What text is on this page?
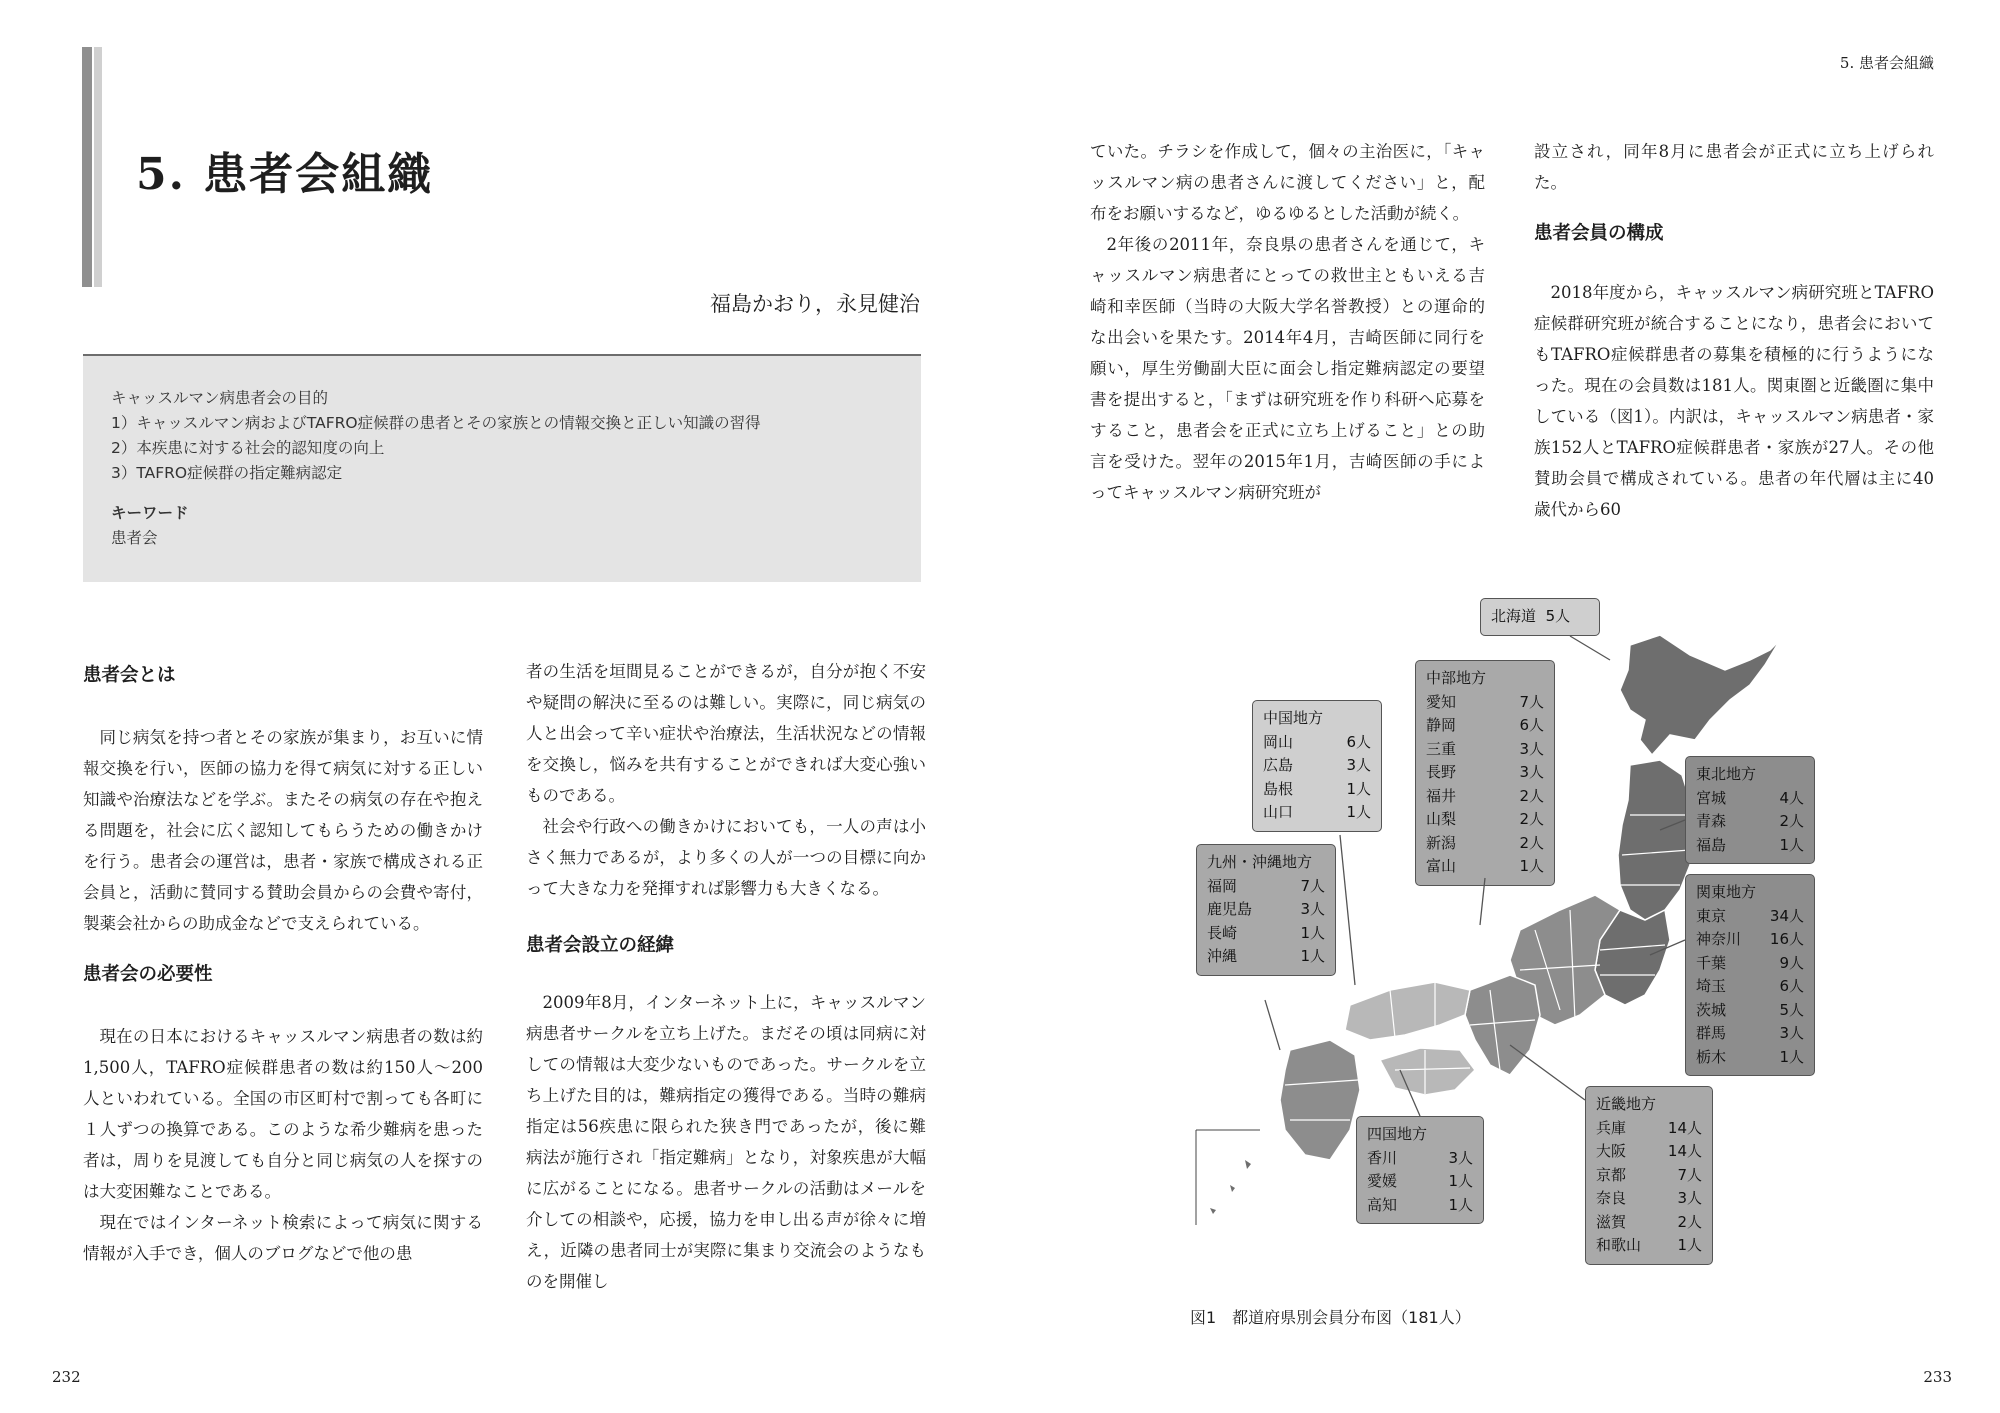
5. 患者会組織
福島かおり，永見健治
キャッスルマン病患者会の目的
1）キャッスルマン病およびTAFRO症候群の患者とその家族との情報交換と正しい知識の習得
2）本疾患に対する社会的認知度の向上
3）TAFRO症候群の指定難病認定
キーワード
患者会
患者会とは

同じ病気を持つ者とその家族が集まり，お互いに情報交換を行い，医師の協力を得て病気に対する正しい知識や治療法などを学ぶ。またその病気の存在や抱える問題を，社会に広く認知してもらうための働きかけを行う。患者会の運営は，患者・家族で構成される正会員と，活動に賛同する賛助会員からの会費や寄付，製薬会社からの助成金などで支えられている。

患者会の必要性

現在の日本におけるキャッスルマン病患者の数は約1,500人，TAFRO症候群患者の数は約150人〜200人といわれている。全国の市区町村で割っても各町に１人ずつの換算である。このような希少難病を患った者は，周りを見渡しても自分と同じ病気の人を探すのは大変困難なことである。

現在ではインターネット検索によって病気に関する情報が入手でき，個人のブログなどで他の患

者の生活を垣間見ることができるが，自分が抱く不安や疑問の解決に至るのは難しい。実際に，同じ病気の人と出会って辛い症状や治療法，生活状況などの情報を交換し，悩みを共有することができれば大変心強いものである。

社会や行政への働きかけにおいても，一人の声は小さく無力であるが，より多くの人が一つの目標に向かって大きな力を発揮すれば影響力も大きくなる。

患者会設立の経緯

2009年8月，インターネット上に，キャッスルマン病患者サークルを立ち上げた。まだその頃は同病に対しての情報は大変少ないものであった。サークルを立ち上げた目的は，難病指定の獲得である。当時の難病指定は56疾患に限られた狭き門であったが，後に難病法が施行され「指定難病」となり，対象疾患が大幅に広がることになる。患者サークルの活動はメールを介しての相談や，応援，協力を申し出る声が徐々に増え，近隣の患者同士が実際に集まり交流会のようなものを開催し

232
5. 患者会組織

ていた。チラシを作成して，個々の主治医に，「キャッスルマン病の患者さんに渡してください」と，配布をお願いするなど，ゆるゆるとした活動が続く。

2年後の2011年，奈良県の患者さんを通じて，キャッスルマン病患者にとっての救世主ともいえる吉崎和幸医師（当時の大阪大学名誉教授）との運命的な出会いを果たす。2014年4月，吉崎医師に同行を願い，厚生労働副大臣に面会し指定難病認定の要望書を提出すると，「まずは研究班を作り科研へ応募をすること，患者会を正式に立ち上げること」との助言を受けた。翌年の2015年1月，吉崎医師の手によってキャッスルマン病研究班が

設立され，同年8月に患者会が正式に立ち上げられた。

患者会員の構成

2018年度から，キャッスルマン病研究班とTAFRO症候群研究班が統合することになり，患者会においてもTAFRO症候群患者の募集を積極的に行うようになった。現在の会員数は181人。関東圏と近畿圏に集中している（図1）。内訳は，キャッスルマン病患者・家族152人とTAFRO症候群患者・家族が27人。その他賛助会員で構成されている。患者の年代層は主に40歳代から60

北海道 5人
中部地方
愛知	7人
静岡	6人
三重	3人
長野	3人
福井	2人
山梨	2人
新潟	2人
富山	1人
中国地方
岡山	6人
広島	3人
島根	1人
山口	1人
東北地方
宮城	4人
青森	2人
福島	1人
九州・沖縄地方
福岡	7人
鹿児島	3人
長崎	1人
沖縄	1人
関東地方
東京	34人
神奈川	16人
千葉	9人
埼玉	6人
茨城	5人
群馬	3人
栃木	1人
四国地方
香川	3人
愛媛	1人
高知	1人
近畿地方
兵庫	14人
大阪	14人
京都	7人
奈良	3人
滋賀	2人
和歌山	1人
図1　都道府県別会員分布図（181人）
233
